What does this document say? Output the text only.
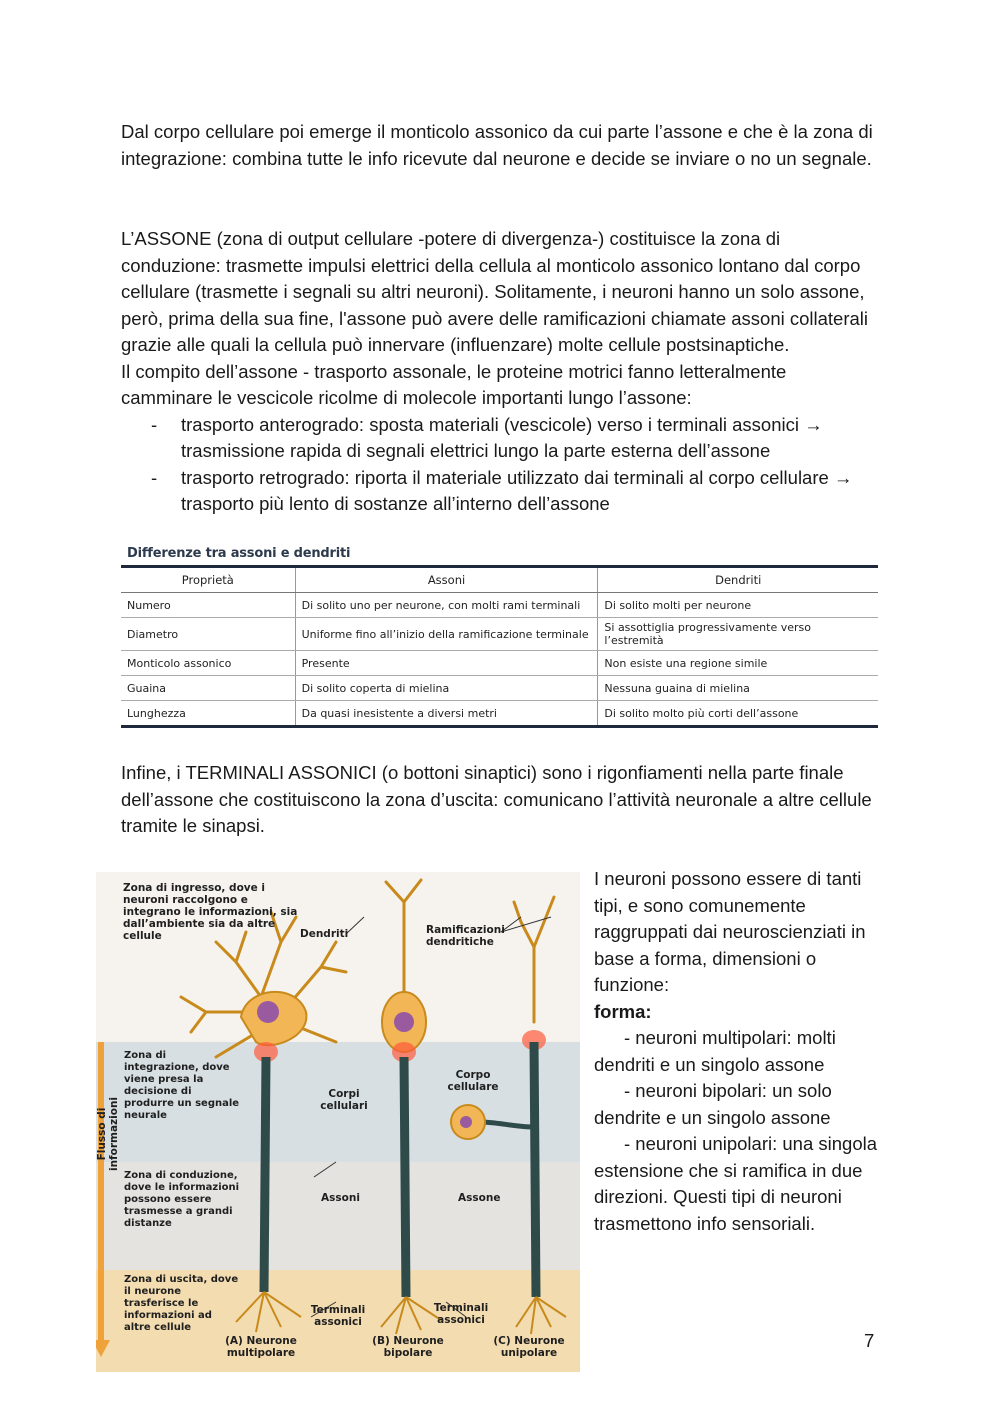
Dal corpo cellulare poi emerge il monticolo assonico da cui parte l’assone e che è la zona di integrazione: combina tutte le info ricevute dal neurone e decide se inviare o no un segnale.

L’ASSONE (zona di output cellulare -potere di divergenza-) costituisce la zona di conduzione: trasmette impulsi elettrici della cellula al monticolo assonico lontano dal corpo cellulare (trasmette i segnali su altri neuroni). Solitamente, i neuroni hanno un solo assone, però, prima della sua fine, l'assone può avere delle ramificazioni chiamate assoni collaterali grazie alle quali la cellula può innervare (influenzare) molte cellule postsinaptiche.

Il compito dell’assone - trasporto assonale, le proteine motrici fanno letteralmente camminare le vescicole ricolme di molecole importanti lungo l’assone:

- trasporto anterogrado: sposta materiali (vescicole) verso i terminali assonici → trasmissione rapida di segnali elettrici lungo la parte esterna dell’assone
- trasporto retrogrado: riporta il materiale utilizzato dai terminali al corpo cellulare → trasporto più lento di sostanze all’interno dell’assone
Differenze tra assoni e dendriti
Proprietà	Assoni	Dendriti
Numero	Di solito uno per neurone, con molti rami terminali	Di solito molti per neurone
Diametro	Uniforme fino all’inizio della ramificazione terminale	Si assottiglia progressivamente verso l’estremità
Monticolo assonico	Presente	Non esiste una regione simile
Guaina	Di solito coperta di mielina	Nessuna guaina di mielina
Lunghezza	Da quasi inesistente a diversi metri	Di solito molto più corti dell’assone

Infine, i TERMINALI ASSONICI (o bottoni sinaptici) sono i rigonfiamenti nella parte finale dell’assone che costituiscono la zona d’uscita: comunicano l’attività neuronale a altre cellule tramite le sinapsi.

Zona di ingresso, dove i neuroni raccolgono e integrano le informazioni, sia dall’ambiente sia da altre cellule
Zona di integrazione, dove viene presa la decisione di produrre un segnale neurale
Zona di conduzione, dove le informazioni possono essere trasmesse a grandi distanze
Zona di uscita, dove il neurone trasferisce le informazioni ad altre cellule
Flusso di informazioni
Dendriti	Ramificazioni dendritiche
Corpi cellulari
Corpo cellulare
Assoni	Assone
Terminali assonici
Terminali assonici
(A) Neurone multipolare
(B) Neurone bipolare
(C) Neurone unipolare

I neuroni possono essere di tanti tipi, e sono comunemente raggruppati dai neuroscienziati in base a forma, dimensioni o funzione:

forma:

- neuroni multipolari: molti dendriti e un singolo assone

- neuroni bipolari: un solo dendrite e un singolo assone

- neuroni unipolari: una singola estensione che si ramifica in due direzioni. Questi tipi di neuroni trasmettono info sensoriali.

7
